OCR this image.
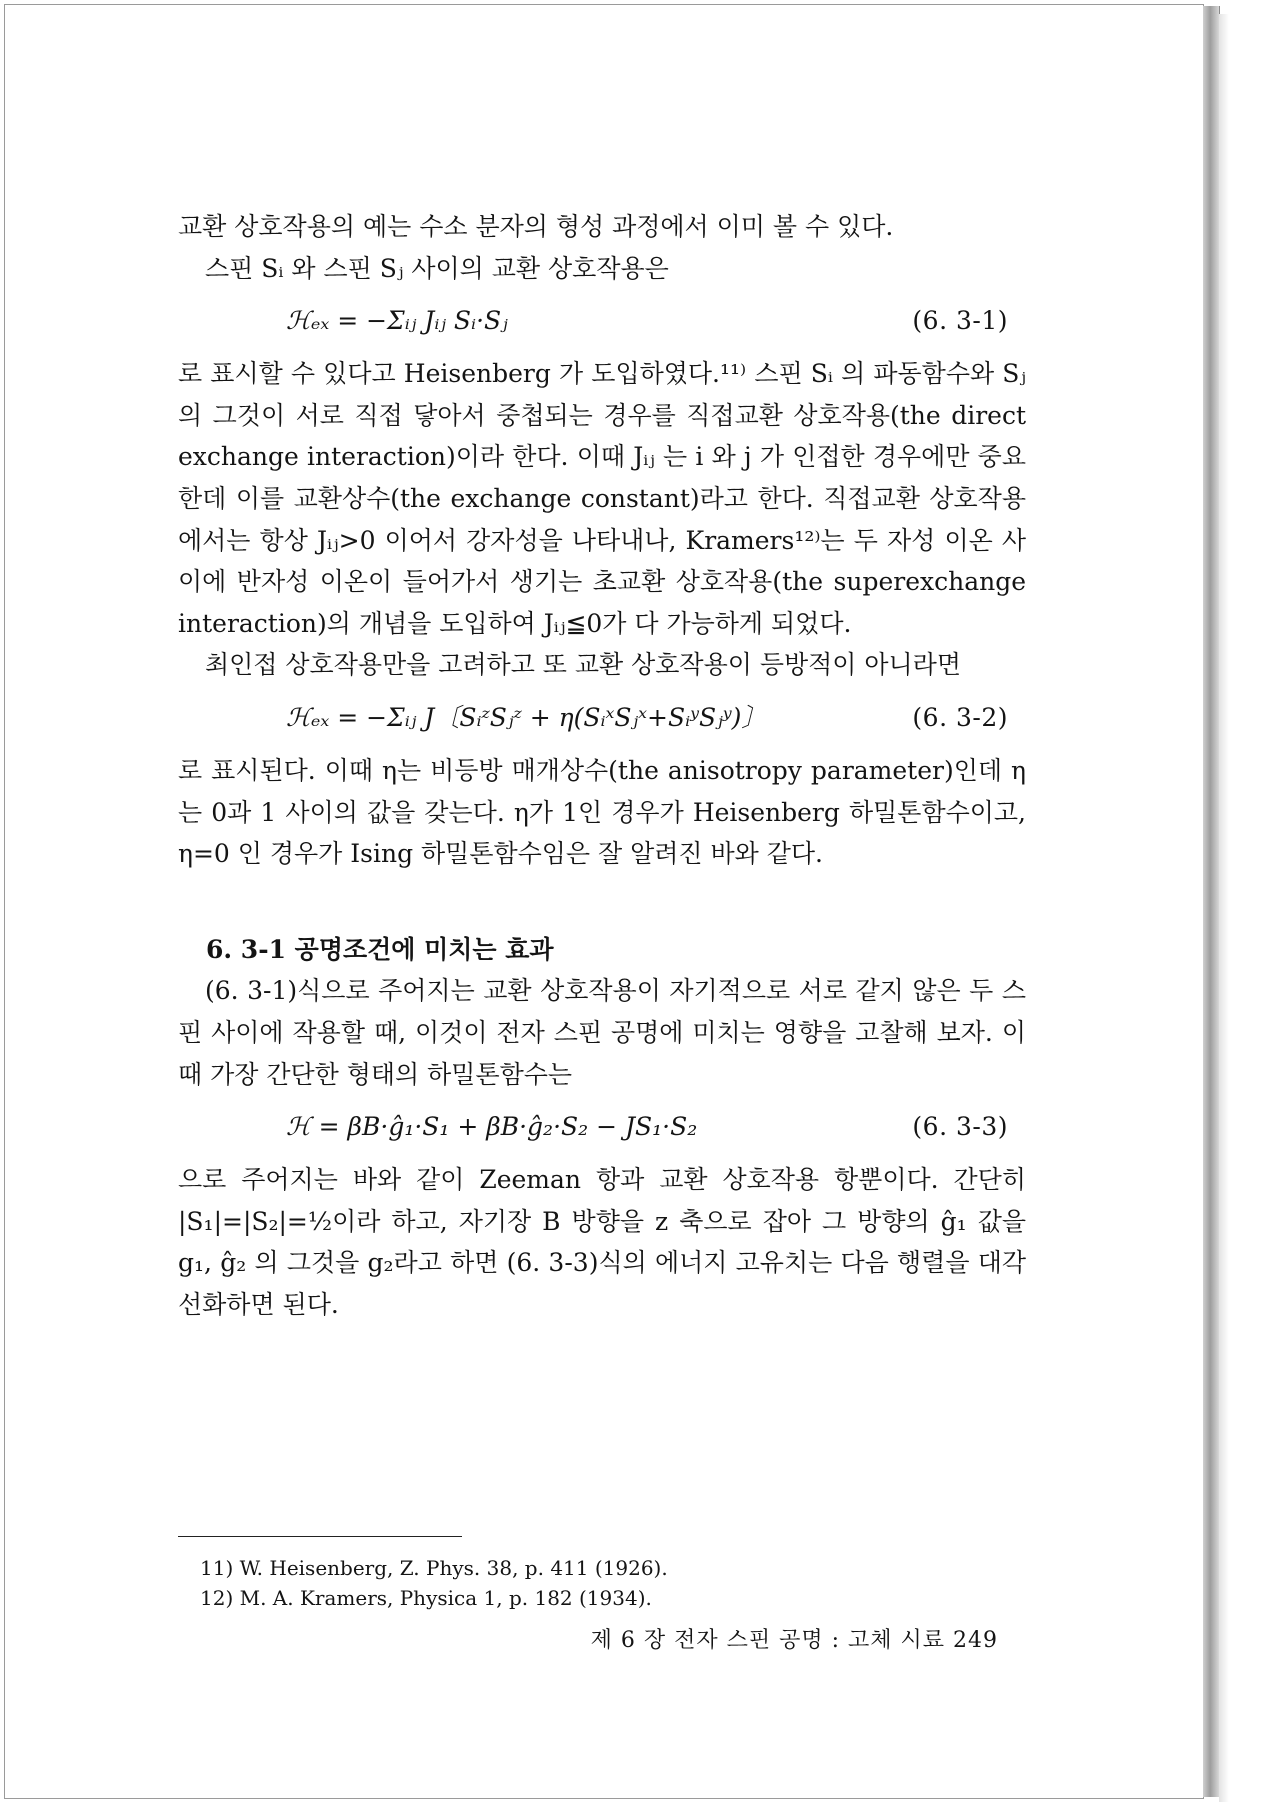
교환 상호작용의 예는 수소 분자의 형성 과정에서 이미 볼 수 있다.

스핀 Sᵢ 와 스핀 Sⱼ 사이의 교환 상호작용은

ℋₑₓ = −Σᵢⱼ Jᵢⱼ Sᵢ·Sⱼ	(6. 3-1)

로 표시할 수 있다고 Heisenberg 가 도입하였다.¹¹⁾ 스핀 Sᵢ 의 파동함수와 Sⱼ 의 그것이 서로 직접 닿아서 중첩되는 경우를 직접교환 상호작용(the direct exchange interaction)이라 한다. 이때 Jᵢⱼ 는 i 와 j 가 인접한 경우에만 중요한데 이를 교환상수(the exchange constant)라고 한다. 직접교환 상호작용에서는 항상 Jᵢⱼ>0 이어서 강자성을 나타내나, Kramers¹²⁾는 두 자성 이온 사이에 반자성 이온이 들어가서 생기는 초교환 상호작용(the superexchange interaction)의 개념을 도입하여 Jᵢⱼ≦0가 다 가능하게 되었다.

최인접 상호작용만을 고려하고 또 교환 상호작용이 등방적이 아니라면

ℋₑₓ = −Σᵢⱼ J〔SᵢᶻSⱼᶻ + η(SᵢˣSⱼˣ+SᵢʸSⱼʸ)〕	(6. 3-2)

로 표시된다. 이때 η는 비등방 매개상수(the anisotropy parameter)인데 η는 0과 1 사이의 값을 갖는다. η가 1인 경우가 Heisenberg 하밀톤함수이고, η=0 인 경우가 Ising 하밀톤함수임은 잘 알려진 바와 같다.

6. 3-1 공명조건에 미치는 효과

(6. 3-1)식으로 주어지는 교환 상호작용이 자기적으로 서로 같지 않은 두 스핀 사이에 작용할 때, 이것이 전자 스핀 공명에 미치는 영향을 고찰해 보자. 이때 가장 간단한 형태의 하밀톤함수는

ℋ = βB·ĝ₁·S₁ + βB·ĝ₂·S₂ − JS₁·S₂	(6. 3-3)

으로 주어지는 바와 같이 Zeeman 항과 교환 상호작용 항뿐이다. 간단히 |S₁|=|S₂|=½이라 하고, 자기장 B 방향을 z 축으로 잡아 그 방향의 ĝ₁ 값을 g₁, ĝ₂ 의 그것을 g₂라고 하면 (6. 3-3)식의 에너지 고유치는 다음 행렬을 대각선화하면 된다.

11) W. Heisenberg, Z. Phys. 38, p. 411 (1926).

12) M. A. Kramers, Physica 1, p. 182 (1934).

제 6 장 전자 스핀 공명 : 고체 시료 249
